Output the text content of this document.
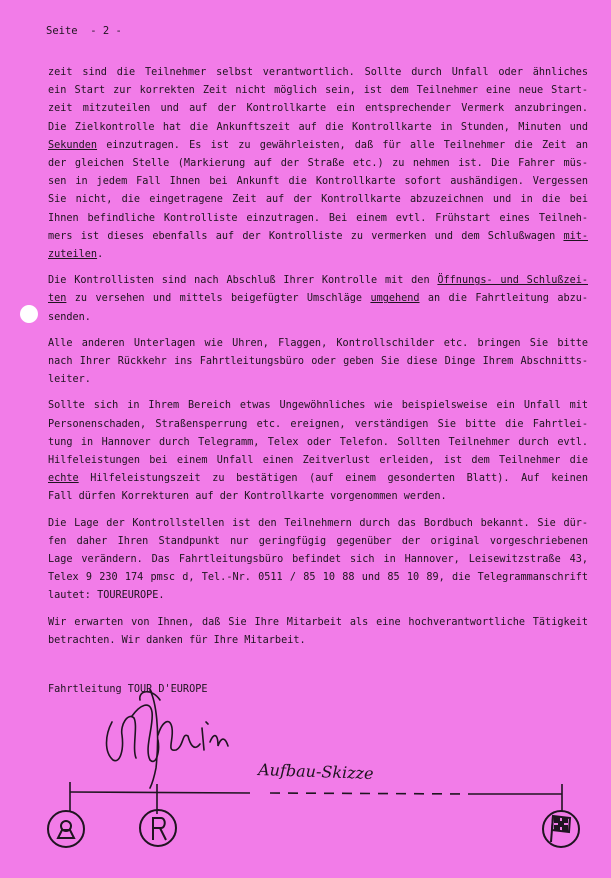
Seite  - 2 -

zeit sind die Teilnehmer selbst verantwortlich. Sollte durch Unfall oder ähnliches
ein Start zur korrekten Zeit nicht möglich sein, ist dem Teilnehmer eine neue Start-
zeit mitzuteilen und auf der Kontrollkarte ein entsprechender Vermerk anzubringen.
Die Zielkontrolle hat die Ankunftszeit auf die Kontrollkarte in Stunden, Minuten und
Sekunden einzutragen. Es ist zu gewährleisten, daß für alle Teilnehmer die Zeit an
der gleichen Stelle (Markierung auf der Straße etc.) zu nehmen ist. Die Fahrer müs-
sen in jedem Fall Ihnen bei Ankunft die Kontrollkarte sofort aushändigen. Vergessen
Sie nicht, die eingetragene Zeit auf der Kontrollkarte abzuzeichnen und in die bei
Ihnen befindliche Kontrolliste einzutragen. Bei einem evtl. Frühstart eines Teilneh-
mers ist dieses ebenfalls auf der Kontrolliste zu vermerken und dem Schlußwagen mit-
zuteilen.

Die Kontrollisten sind nach Abschluß Ihrer Kontrolle mit den Öffnungs- und Schlußzei-
ten zu versehen und mittels beigefügter Umschläge umgehend an die Fahrtleitung abzu-
senden.

Alle anderen Unterlagen wie Uhren, Flaggen, Kontrollschilder etc. bringen Sie bitte
nach Ihrer Rückkehr ins Fahrtleitungsbüro oder geben Sie diese Dinge Ihrem Abschnitts-
leiter.

Sollte sich in Ihrem Bereich etwas Ungewöhnliches wie beispielsweise ein Unfall mit
Personenschaden, Straßensperrung etc. ereignen, verständigen Sie bitte die Fahrtlei-
tung in Hannover durch Telegramm, Telex oder Telefon. Sollten Teilnehmer durch evtl.
Hilfeleistungen bei einem Unfall einen Zeitverlust erleiden, ist dem Teilnehmer die
echte Hilfeleistungszeit zu bestätigen (auf einem gesonderten Blatt). Auf keinen
Fall dürfen Korrekturen auf der Kontrollkarte vorgenommen werden.

Die Lage der Kontrollstellen ist den Teilnehmern durch das Bordbuch bekannt. Sie dür-
fen daher Ihren Standpunkt nur geringfügig gegenüber der original vorgeschriebenen
Lage verändern. Das Fahrtleitungsbüro befindet sich in Hannover, Leisewitzstraße 43,
Telex 9 230 174 pmsc d, Tel.-Nr. 0511 / 85 10 88 und 85 10 89, die Telegrammanschrift
lautet: TOUREUROPE.

Wir erwarten von Ihnen, daß Sie Ihre Mitarbeit als eine hochverantwortliche Tätigkeit
betrachten. Wir danken für Ihre Mitarbeit.

Fahrtleitung TOUR D'EUROPE
Aufbau-Skizze
